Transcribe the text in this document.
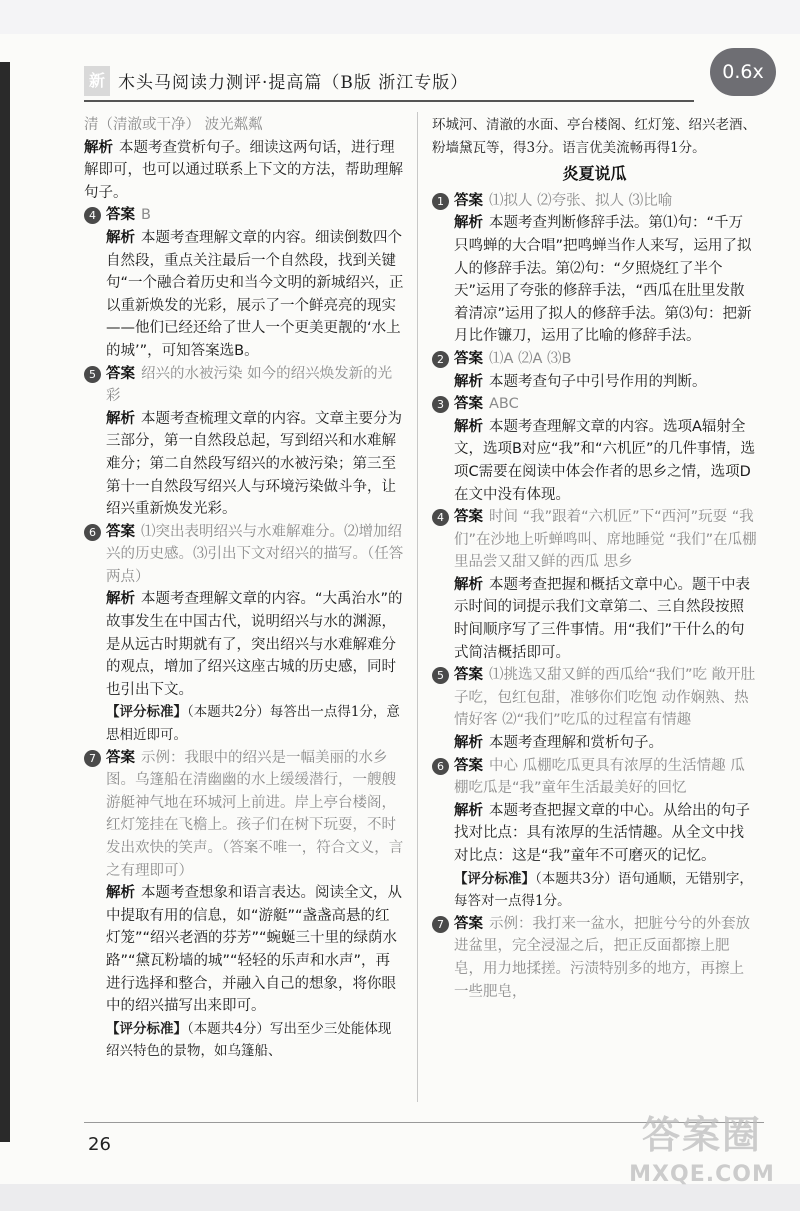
0.6x
新 木头马阅读力测评·提高篇（B版 浙江专版）

清（清澈或干净） 波光粼粼

解析 本题考查赏析句子。细读这两句话，进行理解即可，也可以通过联系上下文的方法，帮助理解句子。

4 答案 B

解析 本题考查理解文章的内容。细读倒数四个自然段，重点关注最后一个自然段，找到关键句“一个融合着历史和当今文明的新城绍兴，正以重新焕发的光彩，展示了一个鲜亮亮的现实——他们已经还给了世人一个更美更靓的‘水上的城’”，可知答案选B。

5 答案 绍兴的水被污染 如今的绍兴焕发新的光彩

解析 本题考查梳理文章的内容。文章主要分为三部分，第一自然段总起，写到绍兴和水难解难分；第二自然段写绍兴的水被污染；第三至第十一自然段写绍兴人与环境污染做斗争，让绍兴重新焕发光彩。

6 答案 ⑴突出表明绍兴与水难解难分。⑵增加绍兴的历史感。⑶引出下文对绍兴的描写。（任答两点）

解析 本题考查理解文章的内容。“大禹治水”的故事发生在中国古代，说明绍兴与水的渊源，是从远古时期就有了，突出绍兴与水难解难分的观点，增加了绍兴这座古城的历史感，同时也引出下文。

【评分标准】（本题共2分）每答出一点得1分，意思相近即可。

7 答案 示例：我眼中的绍兴是一幅美丽的水乡图。乌篷船在清幽幽的水上缓缓潜行，一艘艘游艇神气地在环城河上前进。岸上亭台楼阁，红灯笼挂在飞檐上。孩子们在树下玩耍，不时发出欢快的笑声。（答案不唯一，符合文义，言之有理即可）

解析 本题考查想象和语言表达。阅读全文，从中提取有用的信息，如“游艇”“盏盏高悬的红灯笼”“绍兴老酒的芬芳”“蜿蜒三十里的绿荫水路”“黛瓦粉墙的城”“轻轻的乐声和水声”，再进行选择和整合，并融入自己的想象，将你眼中的绍兴描写出来即可。

【评分标准】（本题共4分）写出至少三处能体现绍兴特色的景物，如乌篷船、

环城河、清澈的水面、亭台楼阁、红灯笼、绍兴老酒、粉墙黛瓦等，得3分。语言优美流畅再得1分。

炎夏说瓜

1 答案 ⑴拟人 ⑵夸张、拟人 ⑶比喻

解析 本题考查判断修辞手法。第⑴句：“千万只鸣蝉的大合唱”把鸣蝉当作人来写，运用了拟人的修辞手法。第⑵句：“夕照烧红了半个天”运用了夸张的修辞手法，“西瓜在肚里发散着清凉”运用了拟人的修辞手法。第⑶句：把新月比作镰刀，运用了比喻的修辞手法。

2 答案 ⑴A ⑵A ⑶B

解析 本题考查句子中引号作用的判断。

3 答案 ABC

解析 本题考查理解文章的内容。选项A辐射全文，选项B对应“我”和“六机匠”的几件事情，选项C需要在阅读中体会作者的思乡之情，选项D在文中没有体现。

4 答案 时间 “我”跟着“六机匠”下“西河”玩耍 “我们”在沙地上听蝉鸣叫、席地睡觉 “我们”在瓜棚里品尝又甜又鲜的西瓜 思乡

解析 本题考查把握和概括文章中心。题干中表示时间的词提示我们文章第二、三自然段按照时间顺序写了三件事情。用“我们”干什么的句式简洁概括即可。

5 答案 ⑴挑选又甜又鲜的西瓜给“我们”吃 敞开肚子吃，包红包甜，准够你们吃饱 动作娴熟、热情好客 ⑵“我们”吃瓜的过程富有情趣

解析 本题考查理解和赏析句子。

6 答案 中心 瓜棚吃瓜更具有浓厚的生活情趣 瓜棚吃瓜是“我”童年生活最美好的回忆

解析 本题考查把握文章的中心。从给出的句子找对比点：具有浓厚的生活情趣。从全文中找对比点：这是“我”童年不可磨灭的记忆。

【评分标准】（本题共3分）语句通顺，无错别字，每答对一点得1分。

7 答案 示例：我打来一盆水，把脏兮兮的外套放进盆里，完全浸湿之后，把正反面都擦上肥皂，用力地揉搓。污渍特别多的地方，再擦上一些肥皂，

26	答案圈
MXQE.COM
